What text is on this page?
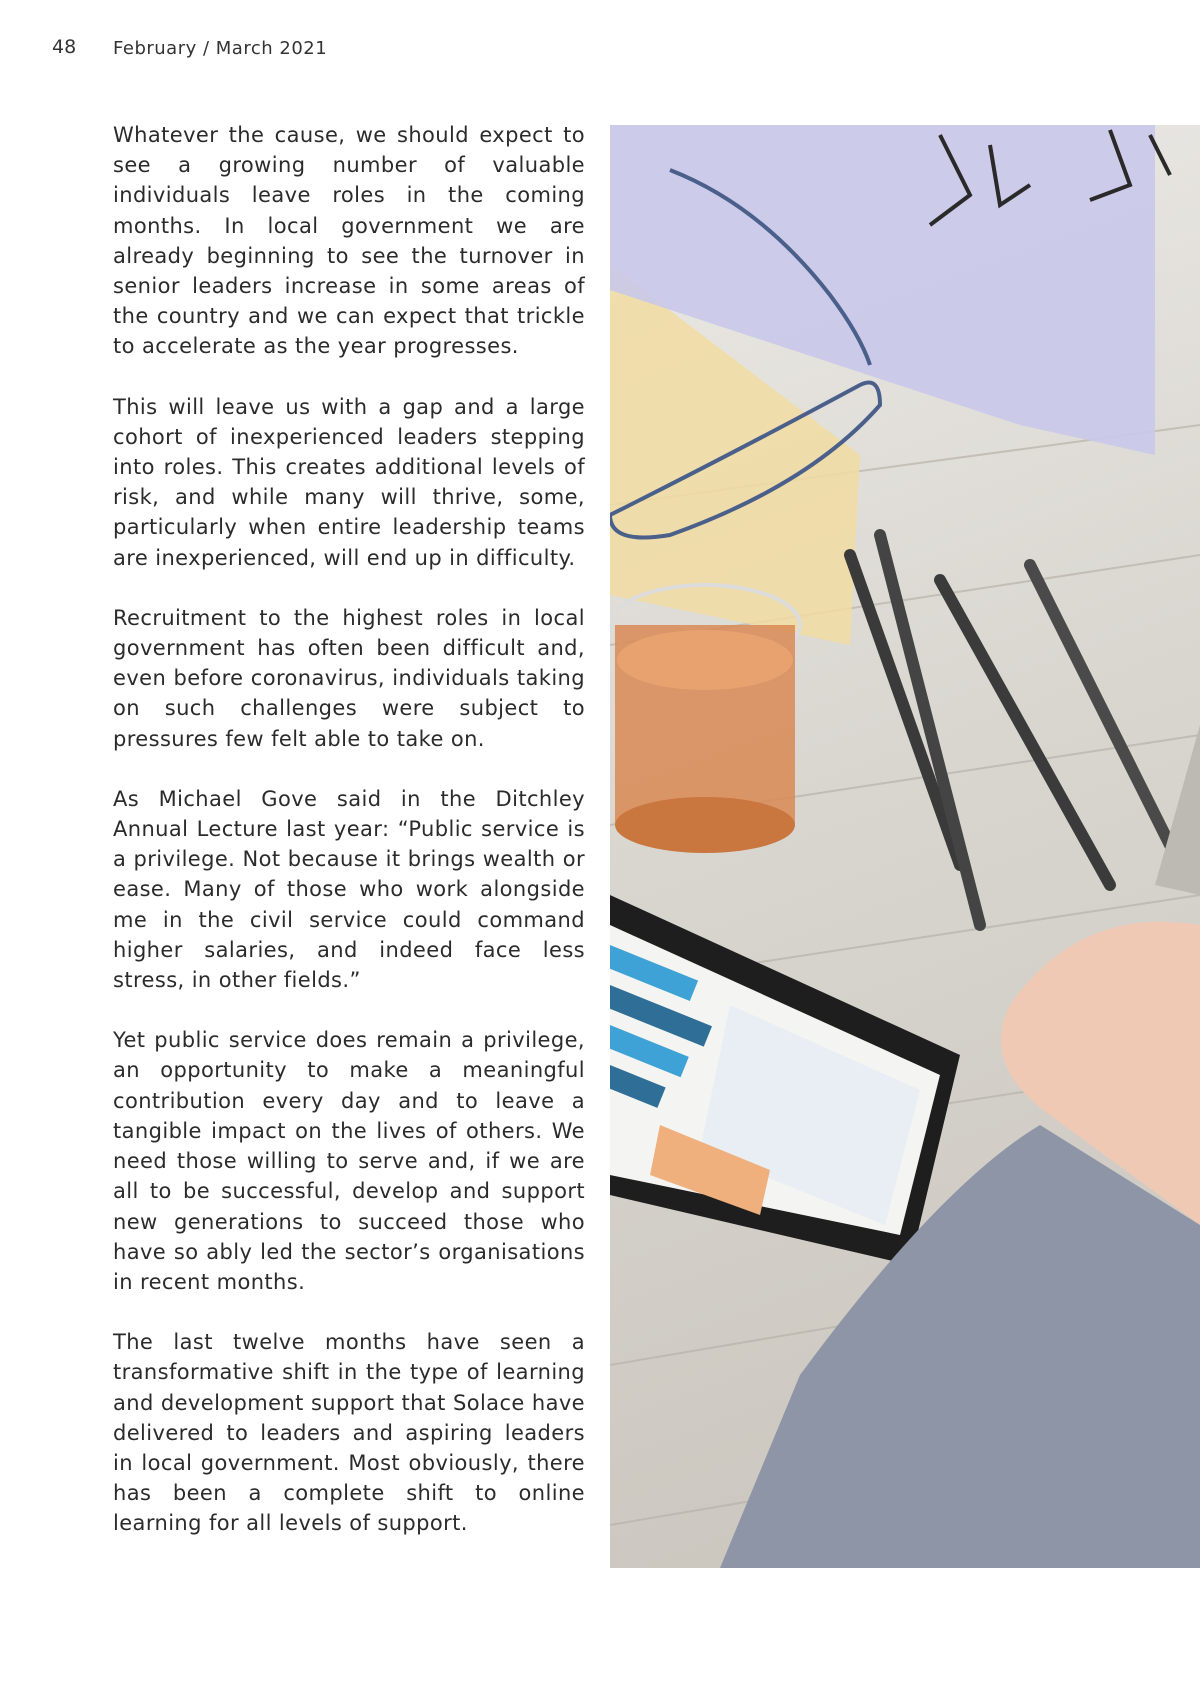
48 February / March 2021

Whatever the cause, we should expect to see a growing number of valuable individuals leave roles in the coming months. In local government we are already beginning to see the turnover in senior leaders increase in some areas of the country and we can expect that trickle to accelerate as the year progresses.

This will leave us with a gap and a large cohort of inexperienced leaders stepping into roles. This creates additional levels of risk, and while many will thrive, some, particularly when entire leadership teams are inexperienced, will end up in difficulty.

Recruitment to the highest roles in local government has often been difficult and, even before coronavirus, individuals taking on such challenges were subject to pressures few felt able to take on.

As Michael Gove said in the Ditchley Annual Lecture last year: “Public service is a privilege. Not because it brings wealth or ease. Many of those who work alongside me in the civil service could command higher salaries, and indeed face less stress, in other fields.”

Yet public service does remain a privilege, an opportunity to make a meaningful contribution every day and to leave a tangible impact on the lives of others. We need those willing to serve and, if we are all to be successful, develop and support new generations to succeed those who have so ably led the sector’s organisations in recent months.

The last twelve months have seen a transformative shift in the type of learning and development support that Solace have delivered to leaders and aspiring leaders in local government. Most obviously, there has been a complete shift to online learning for all levels of support.
